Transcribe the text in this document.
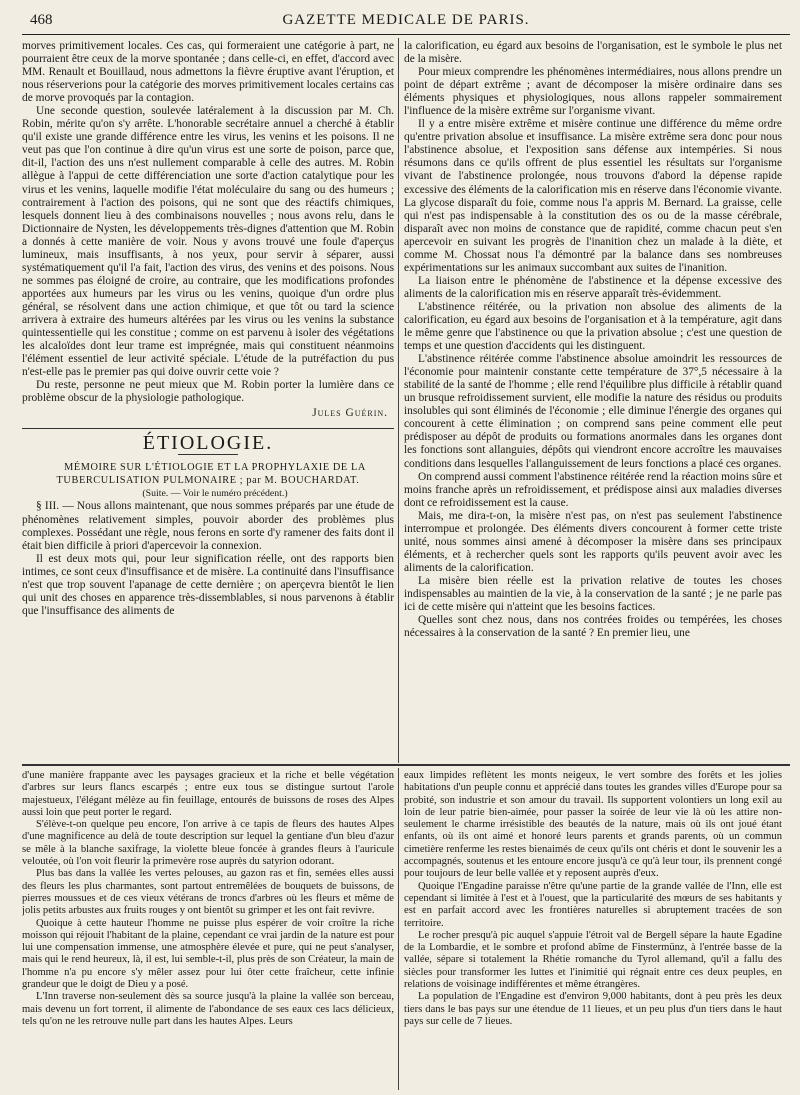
468	GAZETTE MEDICALE DE PARIS.

morves primitivement locales. Ces cas, qui formeraient une catégorie à part, ne pourraient être ceux de la morve spontanée ; dans celle-ci, en effet, d'accord avec MM. Renault et Bouillaud, nous admettons la fièvre éruptive avant l'éruption, et nous réserverions pour la catégorie des morves primitivement locales certains cas de morve provoqués par la contagion.

Une seconde question, soulevée latéralement à la discussion par M. Ch. Robin, mérite qu'on s'y arrête. L'honorable secrétaire annuel a cherché à établir qu'il existe une grande différence entre les virus, les venins et les poisons. Il ne veut pas que l'on continue à dire qu'un virus est une sorte de poison, parce que, dit-il, l'action des uns n'est nullement comparable à celle des autres. M. Robin allègue à l'appui de cette différenciation une sorte d'action catalytique pour les virus et les venins, laquelle modifie l'état moléculaire du sang ou des humeurs ; contrairement à l'action des poisons, qui ne sont que des réactifs chimiques, lesquels donnent lieu à des combinaisons nouvelles ; nous avons relu, dans le Dictionnaire de Nysten, les développements très-dignes d'attention que M. Robin a donnés à cette manière de voir. Nous y avons trouvé une foule d'aperçus lumineux, mais insuffisants, à nos yeux, pour servir à séparer, aussi systématiquement qu'il l'a fait, l'action des virus, des venins et des poisons. Nous ne sommes pas éloigné de croire, au contraire, que les modifications profondes apportées aux humeurs par les virus ou les venins, quoique d'un ordre plus général, se résolvent dans une action chimique, et que tôt ou tard la science arrivera à extraire des humeurs altérées par les virus ou les venins la substance quintessentielle qui les constitue ; comme on est parvenu à isoler des végétations les alcaloïdes dont leur trame est imprégnée, mais qui constituent néanmoins l'élément essentiel de leur activité spéciale. L'étude de la putréfaction du pus n'est-elle pas le premier pas qui doive ouvrir cette voie ?

Du reste, personne ne peut mieux que M. Robin porter la lumière dans ce problème obscur de la physiologie pathologique.

Jules Guérin.
ÉTIOLOGIE.

MÉMOIRE SUR L'ÉTIOLOGIE ET LA PROPHYLAXIE DE LA TUBERCULISATION PULMONAIRE ; par M. BOUCHARDAT.

(Suite. — Voir le numéro précédent.)

§ III. — Nous allons maintenant, que nous sommes préparés par une étude de phénomènes relativement simples, pouvoir aborder des problèmes plus complexes. Possédant une règle, nous ferons en sorte d'y ramener des faits dont il était bien difficile à priori d'apercevoir la connexion.

Il est deux mots qui, pour leur signification réelle, ont des rapports bien intimes, ce sont ceux d'insuffisance et de misère. La continuité dans l'insuffisance n'est que trop souvent l'apanage de cette dernière ; on aperçevra bientôt le lien qui unit des choses en apparence très-dissemblables, si nous parvenons à établir que l'insuffisance des aliments de

la calorification, eu égard aux besoins de l'organisation, est le symbole le plus net de la misère.

Pour mieux comprendre les phénomènes intermédiaires, nous allons prendre un point de départ extrême ; avant de décomposer la misère ordinaire dans ses éléments physiques et physiologiques, nous allons rappeler sommairement l'influence de la misère extrême sur l'organisme vivant.

Il y a entre misère extrême et misère continue une différence du même ordre qu'entre privation absolue et insuffisance. La misère extrême sera donc pour nous l'abstinence absolue, et l'exposition sans défense aux intempéries. Si nous résumons dans ce qu'ils offrent de plus essentiel les résultats sur l'organisme vivant de l'abstinence prolongée, nous trouvons d'abord la dépense rapide excessive des éléments de la calorification mis en réserve dans l'économie vivante. La glycose disparaît du foie, comme nous l'a appris M. Bernard. La graisse, celle qui n'est pas indispensable à la constitution des os ou de la masse cérébrale, disparaît avec non moins de constance que de rapidité, comme chacun peut s'en apercevoir en suivant les progrès de l'inanition chez un malade à la diète, et comme M. Chossat nous l'a démontré par la balance dans ses nombreuses expérimentations sur les animaux succombant aux suites de l'inanition.

La liaison entre le phénomène de l'abstinence et la dépense excessive des aliments de la calorification mis en réserve apparaît très-évidemment.

L'abstinence réitérée, ou la privation non absolue des aliments de la calorification, eu égard aux besoins de l'organisation et à la température, agit dans le même genre que l'abstinence ou que la privation absolue ; c'est une question de temps et une question d'accidents qui les distinguent.

L'abstinence réitérée comme l'abstinence absolue amoindrit les ressources de l'économie pour maintenir constante cette température de 37°,5 nécessaire à la stabilité de la santé de l'homme ; elle rend l'équilibre plus difficile à rétablir quand un brusque refroidissement survient, elle modifie la nature des résidus ou produits insolubles qui sont éliminés de l'économie ; elle diminue l'énergie des organes qui concourent à cette élimination ; on comprend sans peine comment elle peut prédisposer au dépôt de produits ou formations anormales dans les organes dont les fonctions sont allanguies, dépôts qui viendront encore accroître les mauvaises conditions dans lesquelles l'allanguissement de leurs fonctions a placé ces organes.

On comprend aussi comment l'abstinence réitérée rend la réaction moins sûre et moins franche après un refroidissement, et prédispose ainsi aux maladies diverses dont ce refroidissement est la cause.

Mais, me dira-t-on, la misère n'est pas, on n'est pas seulement l'abstinence interrompue et prolongée. Des éléments divers concourent à former cette triste unité, nous sommes ainsi amené à décomposer la misère dans ses principaux éléments, et à rechercher quels sont les rapports qu'ils peuvent avoir avec les aliments de la calorification.

La misère bien réelle est la privation relative de toutes les choses indispensables au maintien de la vie, à la conservation de la santé ; je ne parle pas ici de cette misère qui n'atteint que les besoins factices.

Quelles sont chez nous, dans nos contrées froides ou tempérées, les choses nécessaires à la conservation de la santé ? En premier lieu, une

d'une manière frappante avec les paysages gracieux et la riche et belle végétation d'arbres sur leurs flancs escarpés ; entre eux tous se distingue surtout l'arole majestueux, l'élégant mélèze au fin feuillage, entourés de buissons de roses des Alpes aussi loin que peut porter le regard.

S'élève-t-on quelque peu encore, l'on arrive à ce tapis de fleurs des hautes Alpes d'une magnificence au delà de toute description sur lequel la gentiane d'un bleu d'azur se mêle à la blanche saxifrage, la violette bleue foncée à grandes fleurs à l'auricule veloutée, où l'on voit fleurir la primevère rose auprès du satyrion odorant.

Plus bas dans la vallée les vertes pelouses, au gazon ras et fin, semées elles aussi des fleurs les plus charmantes, sont partout entremêlées de bouquets de buissons, de pierres moussues et de ces vieux vétérans de troncs d'arbres où les fleurs et même de jolis petits arbustes aux fruits rouges y ont bientôt su grimper et les ont fait revivre.

Quoique à cette hauteur l'homme ne puisse plus espérer de voir croître la riche moisson qui réjouit l'habitant de la plaine, cependant ce vrai jardin de la nature est pour lui une compensation immense, une atmosphère élevée et pure, qui ne peut s'analyser, mais qui le rend heureux, là, il est, lui semble-t-il, plus près de son Créateur, la main de l'homme n'a pu encore s'y mêler assez pour lui ôter cette fraîcheur, cette infinie grandeur que le doigt de Dieu y a posé.

L'Inn traverse non-seulement dès sa source jusqu'à la plaine la vallée son berceau, mais devenu un fort torrent, il alimente de l'abondance de ses eaux ces lacs délicieux, tels qu'on ne les retrouve nulle part dans les hautes Alpes. Leurs

eaux limpides reflètent les monts neigeux, le vert sombre des forêts et les jolies habitations d'un peuple connu et apprécié dans toutes les grandes villes d'Europe pour sa probité, son industrie et son amour du travail. Ils supportent volontiers un long exil au loin de leur patrie bien-aimée, pour passer la soirée de leur vie là où les attire non-seulement le charme irrésistible des beautés de la nature, mais où ils ont joué étant enfants, où ils ont aimé et honoré leurs parents et grands parents, où un commun cimetière renferme les restes bienaimés de ceux qu'ils ont chéris et dont le souvenir les a accompagnés, soutenus et les entoure encore jusqu'à ce qu'à leur tour, ils prennent congé pour toujours de leur belle vallée et y reposent auprès d'eux.

Quoique l'Engadine paraisse n'être qu'une partie de la grande vallée de l'Inn, elle est cependant si limitée à l'est et à l'ouest, que la particularité des mœurs de ses habitants y est en parfait accord avec les frontières naturelles si abruptement tracées de son territoire.

Le rocher presqu'à pic auquel s'appuie l'étroit val de Bergell sépare la haute Egadine de la Lombardie, et le sombre et profond abîme de Finstermünz, à l'entrée basse de la vallée, sépare si totalement la Rhétie romanche du Tyrol allemand, qu'il a fallu des siècles pour transformer les luttes et l'inimitié qui régnait entre ces deux peuples, en relations de voisinage indifférentes et même étrangères.

La population de l'Engadine est d'environ 9,000 habitants, dont à peu près les deux tiers dans le bas pays sur une étendue de 11 lieues, et un peu plus d'un tiers dans le haut pays sur celle de 7 lieues.
